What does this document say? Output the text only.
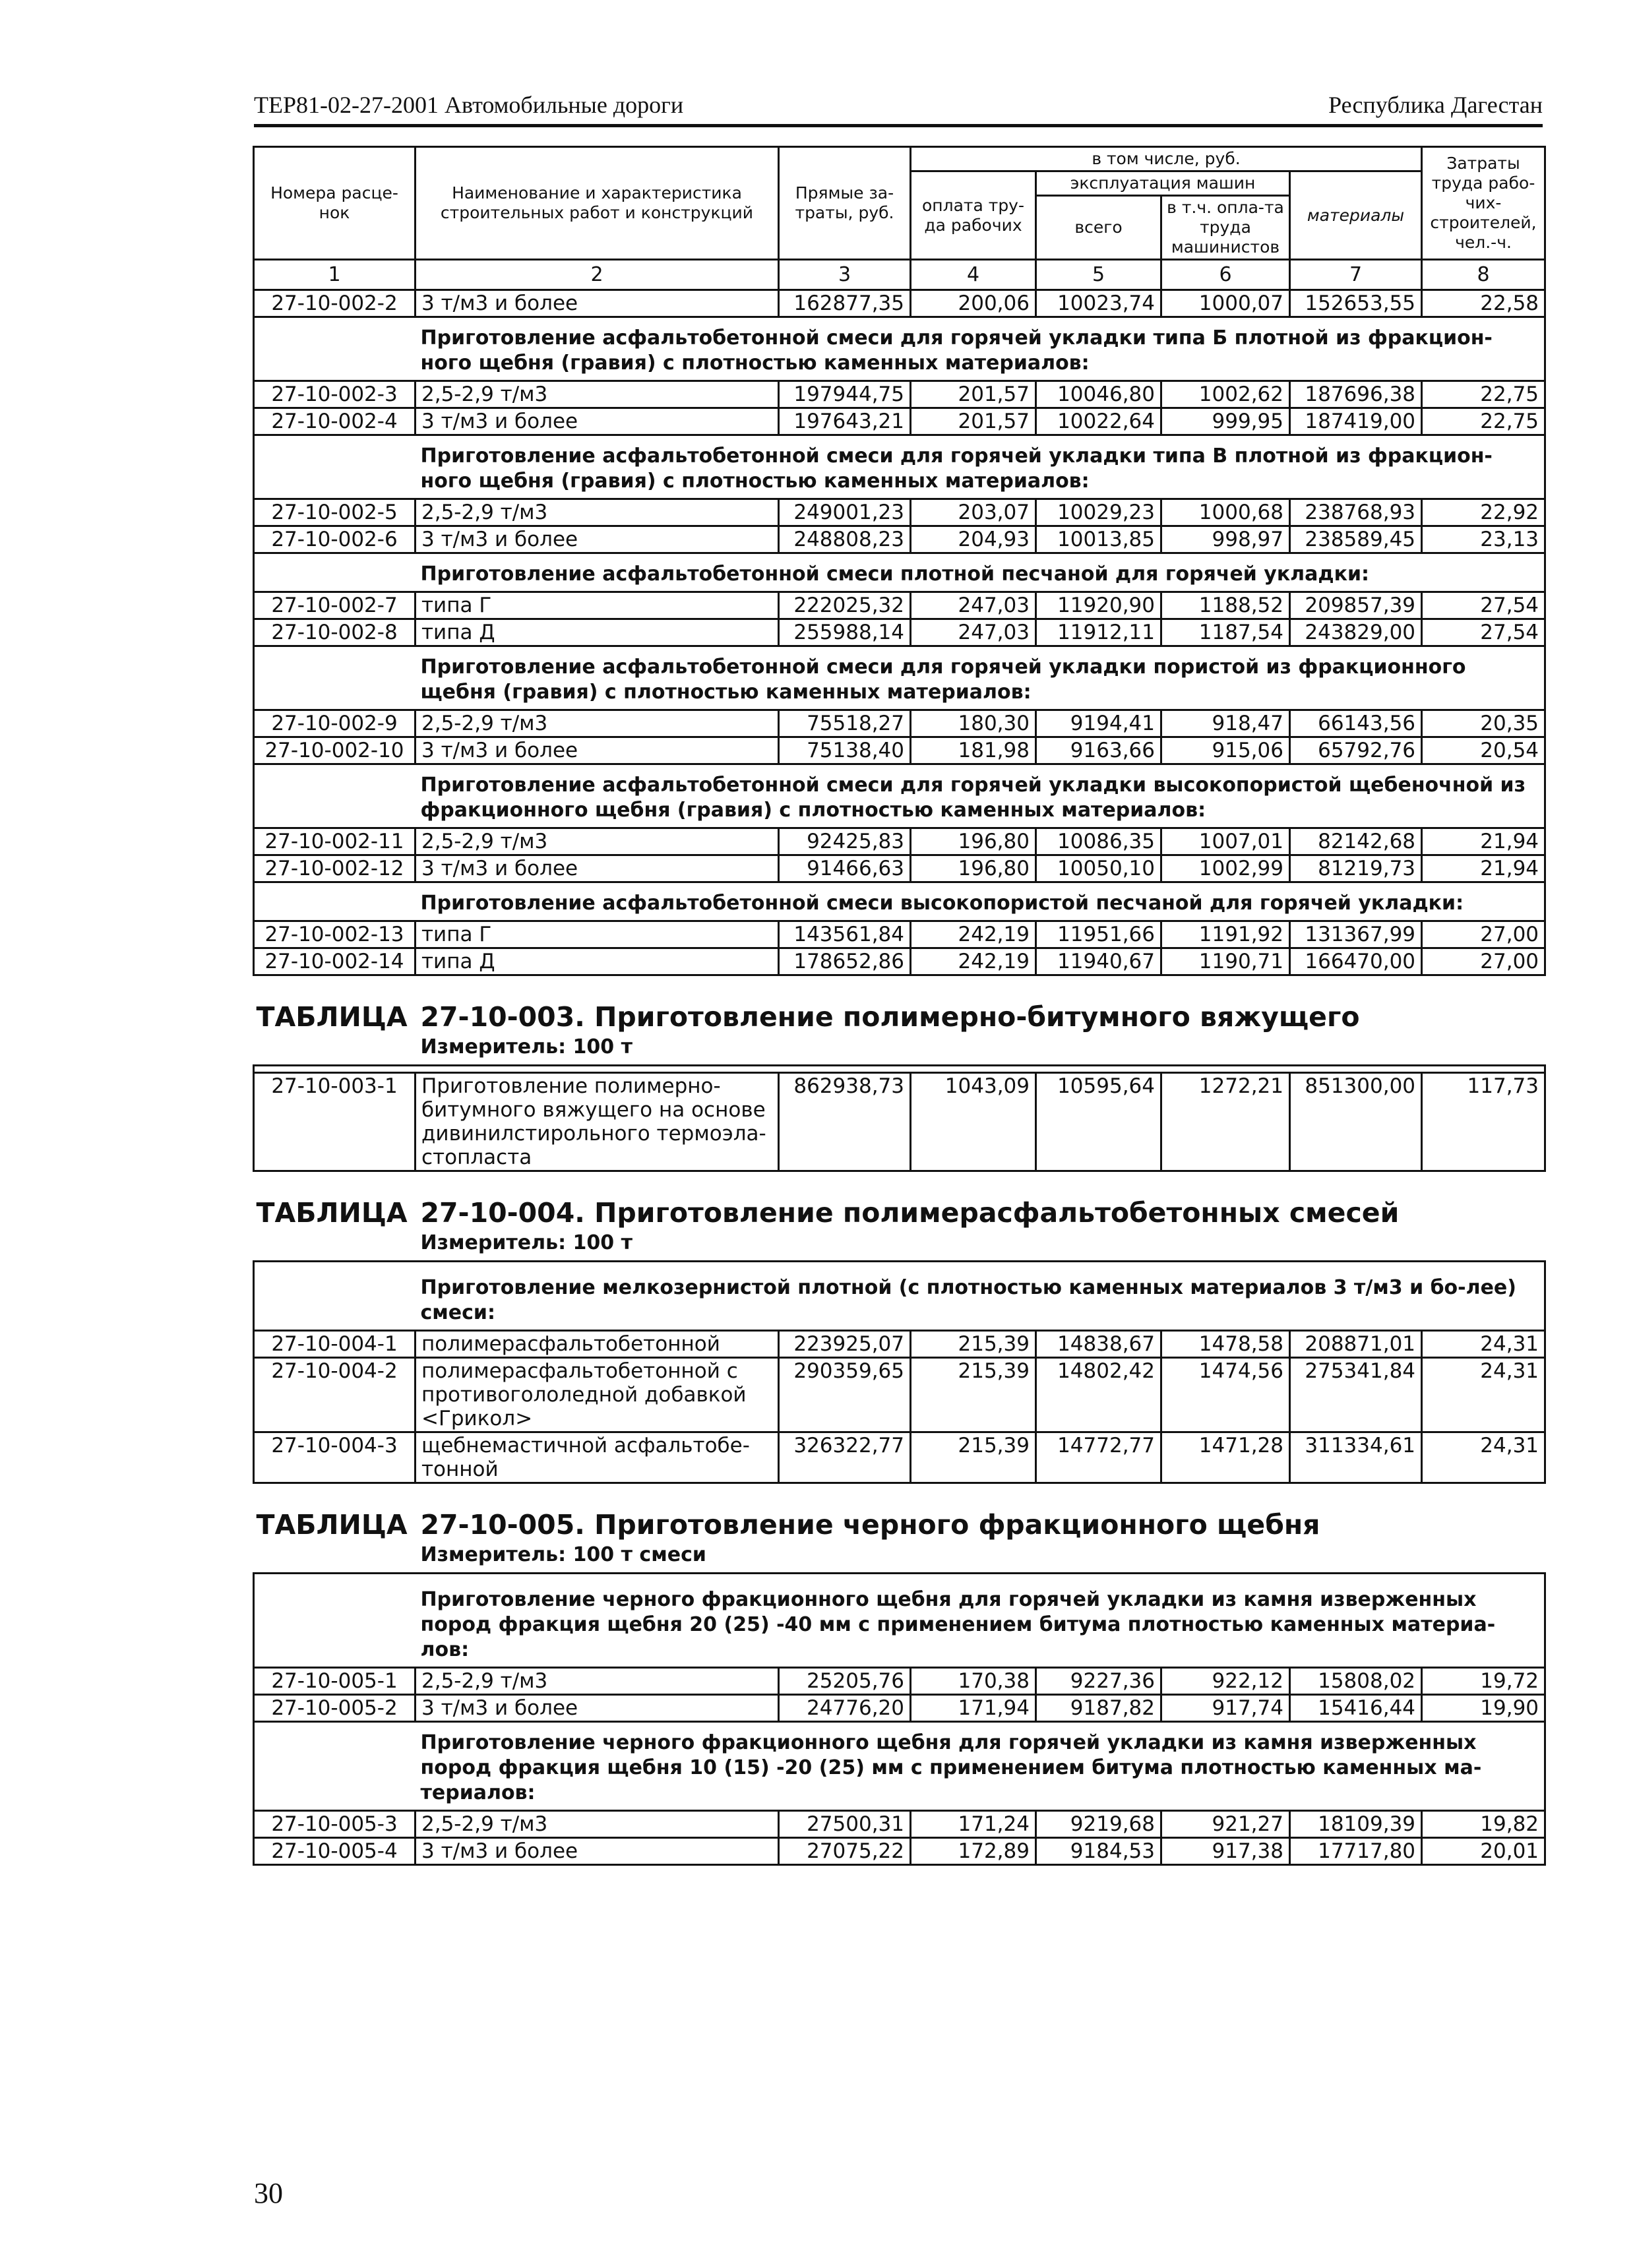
ТЕР81-02-27-2001 Автомобильные дороги	Республика Дагестан
Номера расце-нок	Наименование и характеристика строительных работ и конструкций	Прямые за-траты, руб.	в том числе, руб.				Затраты труда рабо-чих-строителей, чел.-ч.
			оплата тру-да рабочих	эксплуатация машин		материалы	
				всего	в т.ч. опла-та труда машинистов		
1	2	3	4	5	6	7	8
27-10-002-2	3 т/м3 и более	162877,35	200,06	10023,74	1000,07	152653,55	22,58
	Приготовление асфальтобетонной смеси для горячей укладки типа Б плотной из фракцион-ного щебня (гравия) с плотностью каменных материалов:						
27-10-002-3	2,5-2,9 т/м3	197944,75	201,57	10046,80	1002,62	187696,38	22,75
27-10-002-4	3 т/м3 и более	197643,21	201,57	10022,64	999,95	187419,00	22,75
	Приготовление асфальтобетонной смеси для горячей укладки типа В плотной из фракцион-ного щебня (гравия) с плотностью каменных материалов:						
27-10-002-5	2,5-2,9 т/м3	249001,23	203,07	10029,23	1000,68	238768,93	22,92
27-10-002-6	3 т/м3 и более	248808,23	204,93	10013,85	998,97	238589,45	23,13
	Приготовление асфальтобетонной смеси плотной песчаной для горячей укладки:						
27-10-002-7	типа Г	222025,32	247,03	11920,90	1188,52	209857,39	27,54
27-10-002-8	типа Д	255988,14	247,03	11912,11	1187,54	243829,00	27,54
	Приготовление асфальтобетонной смеси для горячей укладки пористой из фракционного щебня (гравия) с плотностью каменных материалов:						
27-10-002-9	2,5-2,9 т/м3	75518,27	180,30	9194,41	918,47	66143,56	20,35
27-10-002-10	3 т/м3 и более	75138,40	181,98	9163,66	915,06	65792,76	20,54
	Приготовление асфальтобетонной смеси для горячей укладки высокопористой щебеночной из фракционного щебня (гравия) с плотностью каменных материалов:						
27-10-002-11	2,5-2,9 т/м3	92425,83	196,80	10086,35	1007,01	82142,68	21,94
27-10-002-12	3 т/м3 и более	91466,63	196,80	10050,10	1002,99	81219,73	21,94
	Приготовление асфальтобетонной смеси высокопористой песчаной для горячей укладки:						
27-10-002-13	типа Г	143561,84	242,19	11951,66	1191,92	131367,99	27,00
27-10-002-14	типа Д	178652,86	242,19	11940,67	1190,71	166470,00	27,00
ТАБЛИЦА	27-10-003. Приготовление полимерно-битумного вяжущего						
	Измеритель: 100 т						

27-10-003-1	Приготовление полимерно-битумного вяжущего на основе дивинилстирольного термоэла-стопласта	862938,73	1043,09	10595,64	1272,21	851300,00	117,73
ТАБЛИЦА	27-10-004. Приготовление полимерасфальтобетонных смесей						
	Измеритель: 100 т						

	Приготовление мелкозернистой плотной (с плотностью каменных материалов 3 т/м3 и бо-лее) смеси:						
27-10-004-1	полимерасфальтобетонной	223925,07	215,39	14838,67	1478,58	208871,01	24,31
27-10-004-2	полимерасфальтобетонной с противогололедной добавкой <Грикол>	290359,65	215,39	14802,42	1474,56	275341,84	24,31
27-10-004-3	щебнемастичной асфальтобе-тонной	326322,77	215,39	14772,77	1471,28	311334,61	24,31
ТАБЛИЦА	27-10-005. Приготовление черного фракционного щебня						
	Измеритель: 100 т смеси						

	Приготовление черного фракционного щебня для горячей укладки из камня изверженных пород фракция щебня 20 (25) -40 мм с применением битума плотностью каменных материа-лов:						
27-10-005-1	2,5-2,9 т/м3	25205,76	170,38	9227,36	922,12	15808,02	19,72
27-10-005-2	3 т/м3 и более	24776,20	171,94	9187,82	917,74	15416,44	19,90
	Приготовление черного фракционного щебня для горячей укладки из камня изверженных пород фракция щебня 10 (15) -20 (25) мм с применением битума плотностью каменных ма-териалов:						
27-10-005-3	2,5-2,9 т/м3	27500,31	171,24	9219,68	921,27	18109,39	19,82
27-10-005-4	3 т/м3 и более	27075,22	172,89	9184,53	917,38	17717,80	20,01
30
